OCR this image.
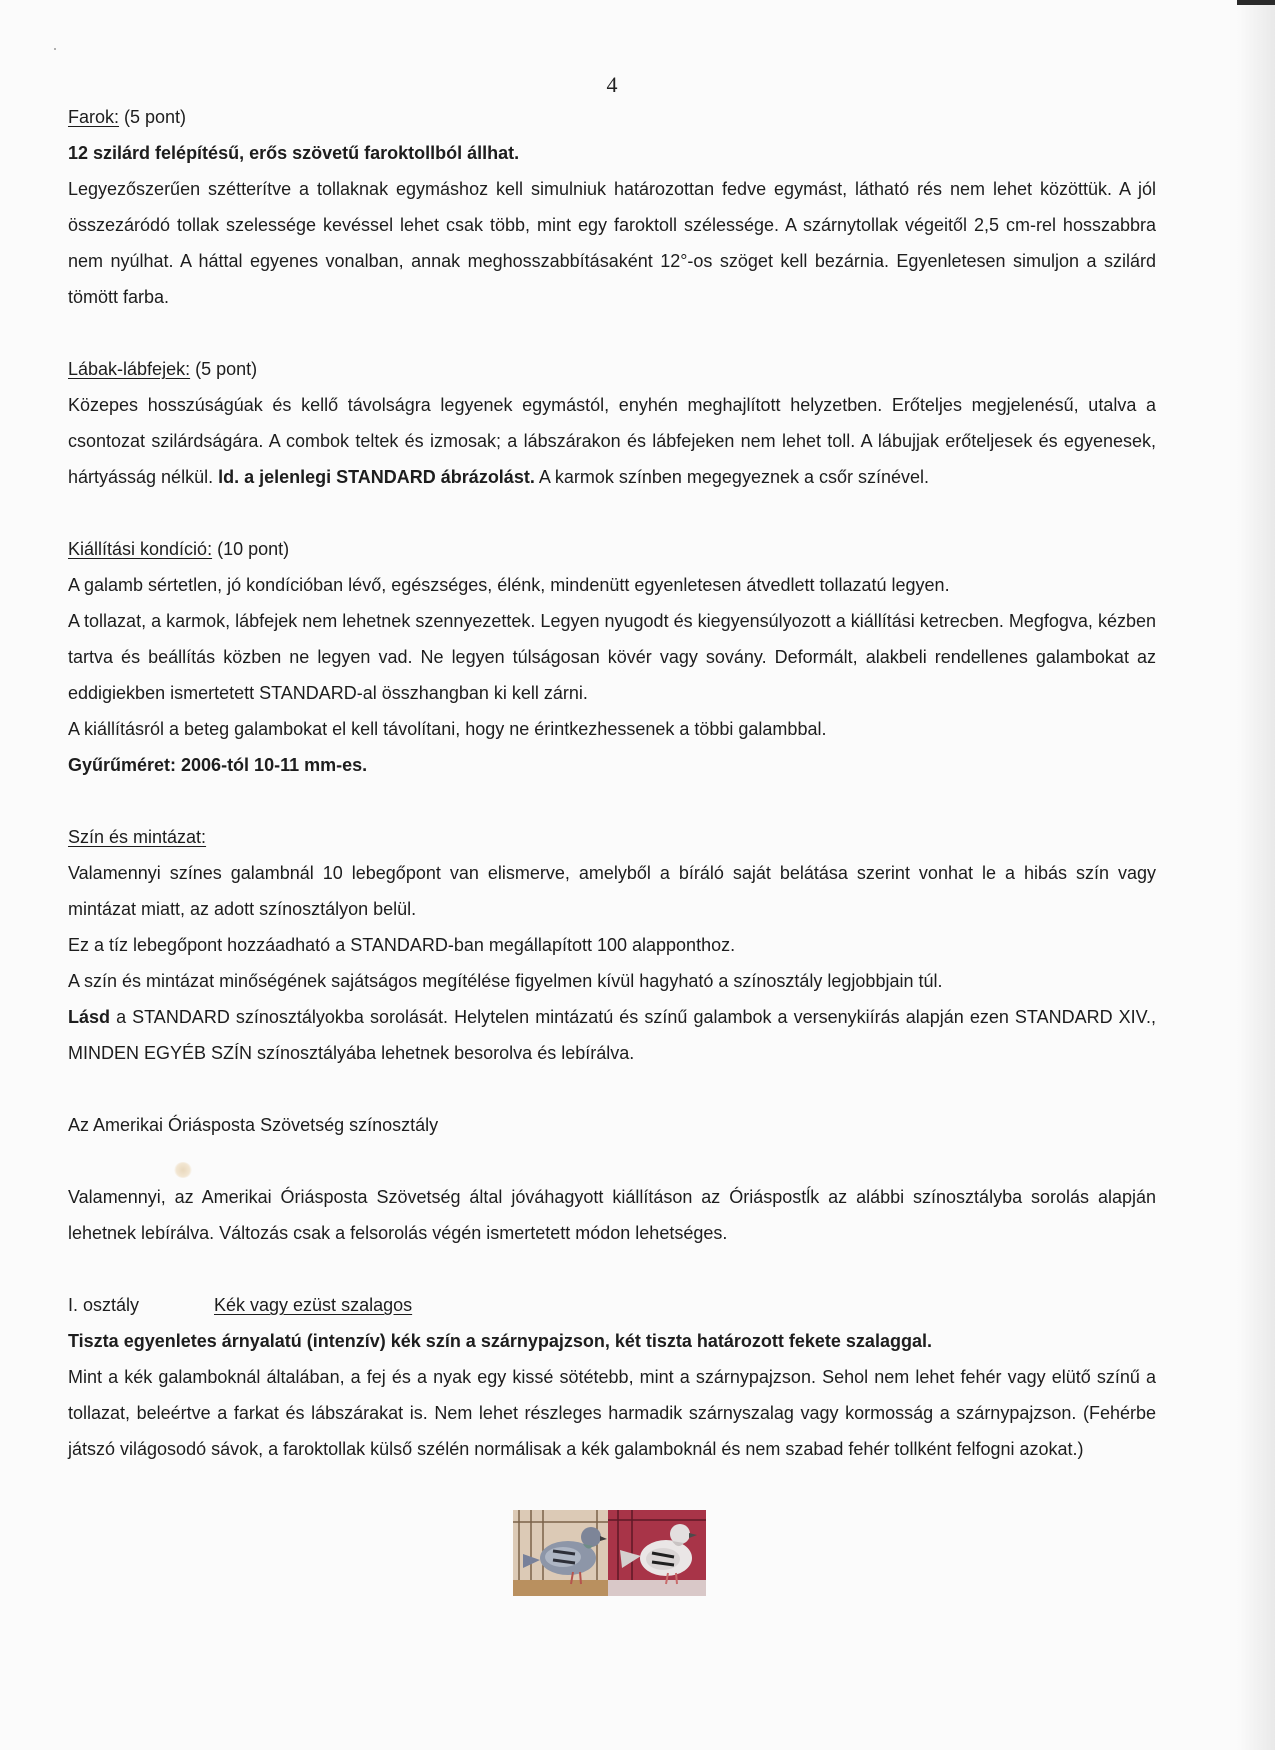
4

Farok: (5 pont)

12 szilárd felépítésű, erős szövetű faroktollból állhat.

Legyezőszerűen szétterítve a tollaknak egymáshoz kell simulniuk határozottan fedve egymást, látható rés nem lehet közöttük. A jól összezáródó tollak szelessége kevéssel lehet csak több, mint egy faroktoll szélessége. A szárnytollak végeitől 2,5 cm-rel hosszabbra nem nyúlhat. A háttal egyenes vonalban, annak meghosszabbításaként 12°-os szöget kell bezárnia. Egyenletesen simuljon a szilárd tömött farba.

Lábak-lábfejek: (5 pont)

Közepes hosszúságúak és kellő távolságra legyenek egymástól, enyhén meghajlított helyzetben. Erőteljes megjelenésű, utalva a csontozat szilárdságára. A combok teltek és izmosak; a lábszárakon és lábfejeken nem lehet toll. A lábujjak erőteljesek és egyenesek, hártyásság nélkül. ld. a jelenlegi STANDARD ábrázolást. A karmok színben megegyeznek a csőr színével.

Kiállítási kondíció: (10 pont)

A galamb sértetlen, jó kondícióban lévő, egészséges, élénk, mindenütt egyenletesen átvedlett tollazatú legyen.

A tollazat, a karmok, lábfejek nem lehetnek szennyezettek. Legyen nyugodt és kiegyensúlyozott a kiállítási ketrecben. Megfogva, kézben tartva és beállítás közben ne legyen vad. Ne legyen túlságosan kövér vagy sovány. Deformált, alakbeli rendellenes galambokat az eddigiekben ismertetett STANDARD-al összhangban ki kell zárni.

A kiállításról a beteg galambokat el kell távolítani, hogy ne érintkezhessenek a többi galambbal.

Gyűrűméret: 2006-tól 10-11 mm-es.

Szín és mintázat:

Valamennyi színes galambnál 10 lebegőpont van elismerve, amelyből a bíráló saját belátása szerint vonhat le a hibás szín vagy mintázat miatt, az adott színosztályon belül.

Ez a tíz lebegőpont hozzáadható a STANDARD-ban megállapított 100 alapponthoz.

A szín és mintázat minőségének sajátságos megítélése figyelmen kívül hagyható a színosztály legjobbjain túl.

Lásd a STANDARD színosztályokba sorolását. Helytelen mintázatú és színű galambok a versenykiírás alapján ezen STANDARD XIV., MINDEN EGYÉB SZÍN színosztályába lehetnek besorolva és lebírálva.

Az Amerikai Óriásposta Szövetség színosztály

Valamennyi, az Amerikai Óriásposta Szövetség által jóváhagyott kiállításon az Óriáspostĺk az alábbi színosztályba sorolás alapján lehetnek lebírálva. Változás csak a felsorolás végén ismertetett módon lehetséges.

I. osztály	Kék vagy ezüst szalagos

Tiszta egyenletes árnyalatú (intenzív) kék szín a szárnypajzson, két tiszta határozott fekete szalaggal.

Mint a kék galamboknál általában, a fej és a nyak egy kissé sötétebb, mint a szárnypajzson. Sehol nem lehet fehér vagy elütő színű a tollazat, beleértve a farkat és lábszárakat is. Nem lehet részleges harmadik szárnyszalag vagy kormosság a szárnypajzson. (Fehérbe játszó világosodó sávok, a faroktollak külső szélén normálisak a kék galamboknál és nem szabad fehér tollként felfogni azokat.)
